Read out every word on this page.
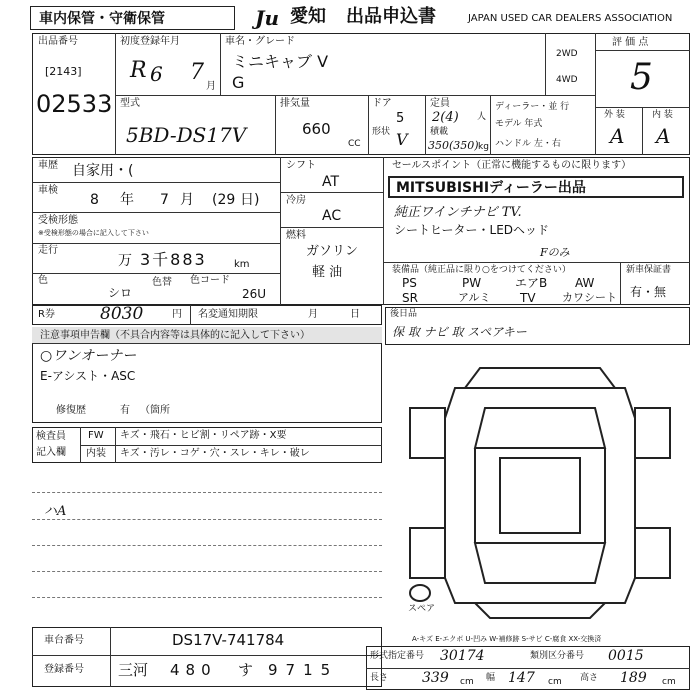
車内保管・守衛保管	Ju 愛知 出品申込書	JAPAN USED CAR DEALERS ASSOCIATION
出品番号
[2143]
02533
初度登録年月
R 6 7
月
車名・グレード
ミニキャブ V
G
2WD
4WD
評 価 点
5
外 装	内 装
A A
型式
5BD-DS17V
排気量
660
CC
ドア
5
形状 V
定員
2(4) 人
積載
350(350) kg
ディーラー・並 行
モデル 年式
ハンドル 左・右
車歴 自家用・(
車検
8 年 7 月 (29 日)
受検形態
※受検形態の場合に記入して下さい
走行
万 3千883	km
色
シロ
色替 色コード
26U
シフト
AT
冷房
AC
燃料
ガソリン
軽 油
セールスポイント（正常に機能するものに限ります）
MITSUBISHIディーラー出品
純正ワインチナビ TV.
シートヒーター・LEDヘッド
Fのみ
装備品（純正品に限り○をつけてください）
PS	PW	エアB AW
SR	アルミ TV カワシート
新車保証書
有・無
R券	8030	円 名変通知期限	月	日
注意事項申告欄（不具合内容等は具体的に記入して下さい）
○ワンオーナー
E-アシスト・ASC
修復歴	有 （箇所
後日品
保 取 ナビ 取 スペアキー
検査員
記入欄
FW キズ・飛石・ヒビ割・リペア跡・X要
内装 キズ・汚レ・コゲ・穴・スレ・キレ・破レ
ハA
スペア
A-キズ E-エクボ U-凹み W-補修跡 S-サビ C-腐食 XX-交換済
車台番号	DS17V-741784
登録番号 三河 480 す 9715
形式指定番号 30174	類別区分番号 0015
長さ 339 cm 幅 147 cm 高さ 189 cm
